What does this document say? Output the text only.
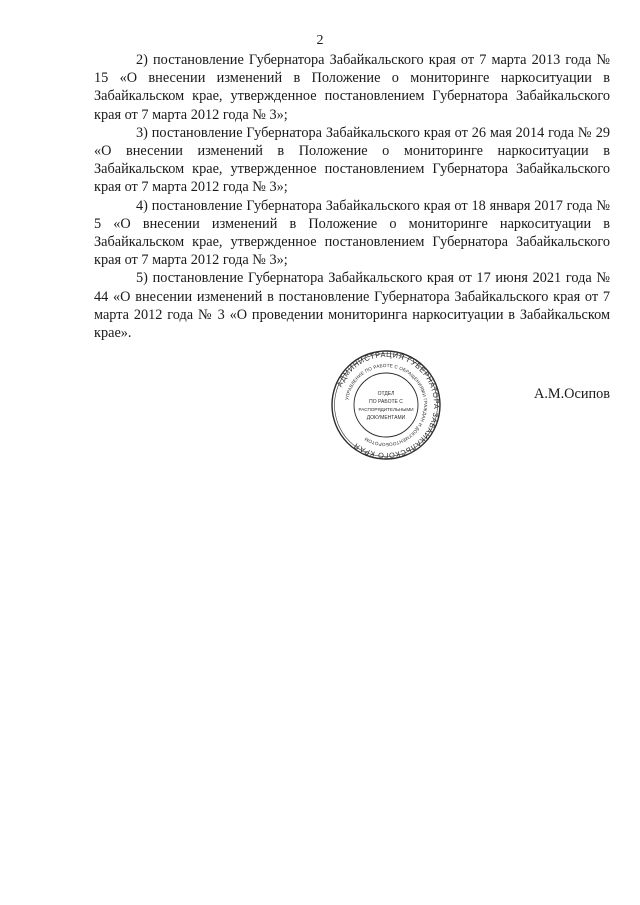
2

2) постановление Губернатора Забайкальского края от 7 марта 2013 года № 15 «О внесении изменений в Положение о мониторинге наркоситуации в Забайкальском крае, утвержденное постановлением Губернатора Забайкальского края от 7 марта 2012 года № 3»;

3) постановление Губернатора Забайкальского края от 26 мая 2014 года № 29 «О внесении изменений в Положение о мониторинге наркоситуации в Забайкальском крае, утвержденное постановлением Губернатора Забайкальского края от 7 марта 2012 года № 3»;

4) постановление Губернатора Забайкальского края от 18 января 2017 года № 5 «О внесении изменений в Положение о мониторинге наркоситуации в Забайкальском крае, утвержденное постановлением Губернатора Забайкальского края от 7 марта 2012 года № 3»;

5) постановление Губернатора Забайкальского края от 17 июня 2021 года № 44 «О внесении изменений в постановление Губернатора Забайкальского края от 7 марта 2012 года № 3 «О проведении мониторинга наркоситуации в Забайкальском крае».

АДМИНИСТРАЦИЯ ГУБЕРНАТОРА ЗАБАЙКАЛЬСКОГО КРАЯ
УПРАВЛЕНИЕ ПО РАБОТЕ С ОБРАЩЕНИЯМИ ГРАЖДАН И ДОКУМЕНТООБОРОТОМ
ОТДЕЛ
ПО РАБОТЕ С
РАСПОРЯДИТЕЛЬНЫМИ
ДОКУМЕНТАМИ
А.М.Осипов
